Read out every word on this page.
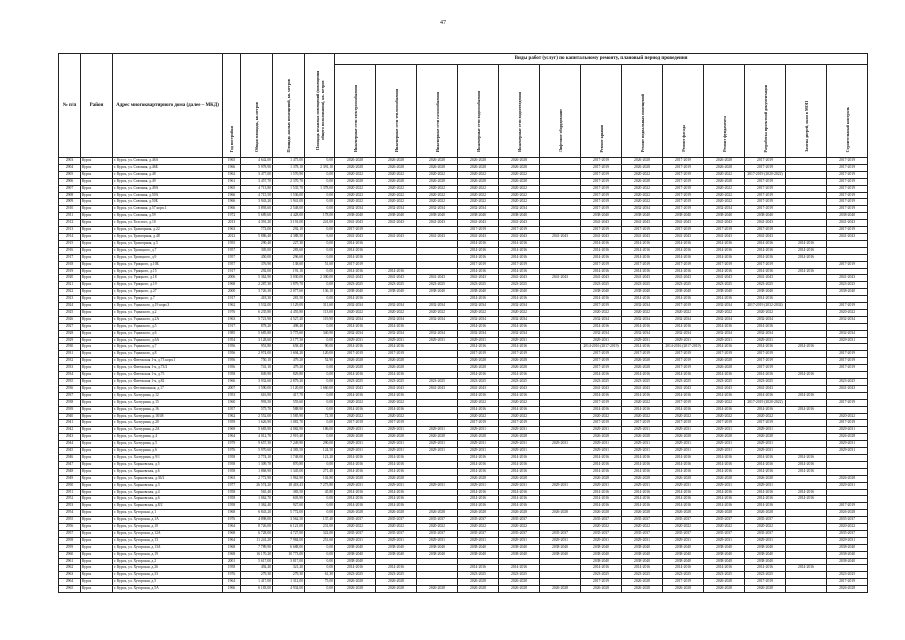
47
№ п/п	Район	Адрес многоквартирного дома (далее – МКД)	Год постройки	Общая площадь, кв.метров	Площадь жилых помещений, кв. метров	Площадь нежилых помещений (помещения общего пользования), кв. метров	Виды работ (услуг) по капитальному ремонту, плановый период проведения												
							Инженерные сети электроснабжения	Инженерные сети теплоснабжения	Инженерные сети газоснабжения	Инженерные сети водоснабжения	Инженерные сети водоотведения	Лифтовое оборудование	Ремонт крыши	Ремонт подвальных помещений	Ремонт фасада	Ремонт фундамента	Разработка проектной документации	Замена дверей, окон в МОП	Строительный контроль
2903	Курск	г. Курск, ул. Союзная, д.46А	1965	4 642,00	1 475,00	0,00	2026-2028	2026-2028	2026-2028	2026-2028	2026-2028		2017-2019	2026-2028	2017-2019	2026-2028	2017-2019		2017-2019
2904	Курск	г. Курск, ул. Союзная, д.46Б	1966	5 978,90	1 378,10	2 391,10	2026-2028	2026-2028	2026-2028	2026-2028	2026-2028		2017-2019	2026-2028	2017-2019	2026-2028	2017-2019		2017-2019
2905	Курск	г. Курск, ул. Союзная, д.48	1962	3 477,00	1 570,90	0,00	2020-2022	2020-2022	2020-2022	2020-2022	2020-2022		2017-2019	2020-2022	2017-2019	2020-2022	2017-2019 (2020-2022)		2017-2019
2906	Курск	г. Курск, ул. Союзная, д.49	1961	3 457,70	2 370,70	0,00	2026-2028	2026-2028	2026-2028	2026-2028	2026-2028		2017-2019	2026-2028	2017-2019	2026-2028	2017-2019		2017-2019
2907	Курск	г. Курск, ул. Союзная, д.49А	1965	4 713,80	1 535,70	1 378,00	2020-2022	2020-2022	2020-2022	2020-2022	2020-2022		2017-2019	2020-2022	2017-2019	2020-2022	2017-2019		2017-2019
2908	Курск	г. Курск, ул. Союзная, д.50А	1966	4 715,50	1 536,00	0,00	2020-2022	2020-2022	2020-2022	2020-2022	2020-2022		2017-2019	2020-2022	2017-2019	2020-2022	2017-2019		2017-2019
2909	Курск	г. Курск, ул. Союзная, д.50Б	1966	3 943,20	1 941,00	0,00	2020-2022	2020-2022	2020-2022	2020-2022	2020-2022		2017-2019	2020-2022	2017-2019	2020-2022	2017-2019		2017-2019
2910	Курск	г. Курск, ул. Союзная, д.57 корп.1	1966	3 893,60	2 548,00	0,00	2032-2034	2032-2034	2032-2034	2032-2034	2032-2034		2017-2019	2032-2034	2017-2019	2032-2034	2017-2019		2017-2019
2911	Курск	г. Курск, ул. Союзная, д.59	1972	5 689,60	4 428,00	178,00	2038-2040	2038-2040	2038-2040	2038-2040	2038-2040		2038-2040	2038-2040	2038-2040	2038-2040	2038-2040		2038-2040
2912	Курск	г. Курск, ул. Толстого, д.10	2013	4 391,20	3 191,00	241,00	2041-2043	2041-2043	2041-2043	2041-2043	2041-2043		2041-2043	2041-2043	2041-2043	2041-2043	2041-2043		2041-2043
2913	Курск	г. Курск, ул. Тракторная, д.22	1963	772,00	292,10	0,00	2017-2019			2017-2019	2017-2019		2017-2019	2017-2019	2017-2019	2017-2019	2017-2019		2017-2019
2914	Курск	г. Курск, ул. Тракторная, д.48	2012	5 886,40	4 388,50	6,60	2041-2043	2041-2043	2041-2043	2041-2043	2041-2043	2041-2043	2041-2043	2041-2043	2041-2043	2041-2043	2041-2043		2041-2043
2915	Курск	г. Курск, ул. Тракторная, д.5	1955	290,40	227,30	0,00	2014-2016			2014-2016	2014-2016		2014-2016	2014-2016	2014-2016	2014-2016	2014-2016	2014-2016	
2916	Курск	г. Курск, ул. Троицкого, д.7	1957	305,00	283,60	0,00	2014-2016			2014-2016	2014-2016		2014-2016	2014-2016	2014-2016	2014-2016	2014-2016	2014-2016	
2917	Курск	г. Курск, ул. Троицкого, д.9	1957	450,00	296,60	0,00	2014-2016			2014-2016	2014-2016		2014-2016	2014-2016	2014-2016	2014-2016	2014-2016	2014-2016	
2918	Курск	г. Курск, ул. Урицкого, д.10Б	1957	376,90	138,60	51,60	2017-2019			2017-2019	2017-2019		2017-2019	2017-2019	2017-2019	2017-2019	2017-2019		2017-2019
2919	Курск	г. Курск, ул. Урицкого, д.15	1917	292,00	191,10	0,00	2014-2016	2014-2016		2014-2016	2014-2016		2014-2016	2014-2016	2014-2016	2014-2016	2014-2016	2014-2016	
2920	Курск	г. Курск, ул. Урицкого, д.18	2006	5 362,90	3 030,00	2 300,00	2041-2043	2041-2043	2041-2043	2041-2043	2041-2043	2041-2043	2041-2043	2041-2043	2041-2043	2041-2043	2041-2043		2041-2043
2921	Курск	г. Курск, ул. Урицкого, д.19	1968	2 287,30	1 879,70	0,00	2023-2025	2023-2025	2023-2025	2023-2025	2023-2025		2023-2025	2023-2025	2023-2025	2023-2025	2023-2025		2023-2025
2922	Курск	г. Курск, ул. Урицкого, д.27	2000	3 726,30	2 077,60	136,10	2038-2040	2038-2040	2038-2040	2038-2040	2038-2040		2038-2040	2038-2040	2038-2040	2038-2040	2038-2040		2038-2040
2923	Курск	г. Курск, ул. Урицкого, д.7	1917	418,30	281,50	0,00	2014-2016			2014-2016	2014-2016		2014-2016	2014-2016	2014-2016	2014-2016	2014-2016		
2924	Курск	г. Курск, ул. Уцинского, д.19 корп.3	1962	1 532,00	1 129,00	311,60	2032-2034	2032-2034	2032-2034	2032-2034	2032-2034		2017-2019	2032-2034	2017-2019	2032-2034	2017-2019 (2032-2034)		2017-2019
2925	Курск	г. Курск, ул. Уцинского, д.2	1976	6 235,80	4 455,80	113,00	2020-2022	2020-2022	2020-2022	2020-2022	2020-2022		2020-2022	2020-2022	2020-2022	2020-2022	2020-2022		2020-2022
2926	Курск	г. Курск, ул. Уцинского, д.2А	1963	5 721,90	4 527,40	119,90	2032-2034	2032-2034	2032-2034	2032-2034	2032-2034		2032-2034	2032-2034	2032-2034	2032-2034	2032-2034		2032-2034
2927	Курск	г. Курск, ул. Уцинского, д.5	1917	878,20	498,40	0,00	2014-2016	2014-2016		2014-2016	2014-2016		2014-2016	2014-2016	2014-2016	2014-2016	2014-2016		
2928	Курск	г. Курск, ул. Уцинского, д.6	1985	5 685,80	3 775,60	340,90	2032-2034	2032-2034	2032-2034	2032-2034	2032-2034		2032-2034	2032-2034	2032-2034	2032-2034	2032-2034		2032-2034
2929	Курск	г. Курск, ул. Уцинского, д.6А	1954	3 128,60	2 177,30	0,00	2029-2031	2029-2031	2029-2031	2029-2031	2029-2031		2029-2031	2029-2031	2029-2031	2029-2031	2029-2031		2029-2031
2930	Курск	г. Курск, ул. Уцинского, д.7	1956	953,80	658,40	90,00	2014-2016	2014-2016		2014-2016	2014-2016		2014-2016 (2017-2019)	2014-2016	2014-2016 (2017-2019)	2014-2016	2014-2016	2014-2016	
2931	Курск	г. Курск, ул. Уцинского, д.8	1956	2 974,00	1 694,20	120,00	2017-2019	2017-2019		2017-2019	2017-2019		2017-2019	2017-2019	2017-2019	2017-2019	2017-2019		2017-2019
2932	Курск	г. Курск, ул. Фатежская 1-я, д.73 корп.1	1956	750,10	479,20	52,90	2026-2028	2026-2028		2026-2028	2026-2028		2017-2019	2026-2028	2017-2019	2026-2028	2017-2019		2017-2019
2933	Курск	г. Курск, ул. Фатежская 1-я, д.73/2	1956	741,10	479,20	0,00	2026-2028	2026-2028		2026-2028	2026-2028		2017-2019	2026-2028	2017-2019	2026-2028	2017-2019		2017-2019
2934	Курск	г. Курск, ул. Фатежская 1-я, д.75	1958	849,90	829,80	0,00	2014-2016	2014-2016		2014-2016	2014-2016		2014-2016	2014-2016	2014-2016	2014-2016	2014-2016	2014-2016	
2935	Курск	г. Курск, ул. Фатежская 1-я, д.82	1966	3 932,60	2 879,20	0,00	2023-2025	2023-2025	2023-2025	2023-2025	2023-2025		2023-2025	2023-2025	2023-2025	2023-2025	2023-2025		2023-2025
2936	Курск	г. Курск, ул. Фестивальная, д.17	2007	1 590,00	1 120,00	1 660,00	2041-2043	2041-2043	2041-2043	2041-2043	2041-2043		2041-2043	2041-2043	2041-2043	2041-2043	2041-2043		2041-2043
2937	Курск	г. Курск, ул. Халтурина, д.12	1953	616,90	417,70	0,00	2014-2016	2014-2016		2014-2016	2014-2016		2014-2016	2014-2016	2014-2016	2014-2016	2014-2016	2014-2016	
2938	Курск	г. Курск, ул. Халтурина, д.15	1960	993,50	555,60	0,00	2020-2022	2020-2022		2020-2022	2020-2022		2017-2019	2020-2022	2017-2019	2020-2022	2017-2019 (2020-2022)		2017-2019
2939	Курск	г. Курск, ул. Халтурина, д.16	1957	575,70	588,90	0,00	2014-2016	2014-2016		2014-2016	2014-2016		2014-2016	2014-2016	2014-2016	2014-2016	2014-2016	2014-2016	
2940	Курск	г. Курск, ул. Халтурина, д.18/48	1962	2 552,00	1 585,90	72,50	2020-2022	2020-2022		2020-2022	2020-2022		2020-2022	2020-2022	2020-2022	2020-2022	2020-2022		2020-2022
2941	Курск	г. Курск, ул. Халтурина, д.20	1959	1 626,90	1 081,70	0,00	2017-2019	2017-2019		2017-2019	2017-2019		2017-2019	2017-2019	2017-2019	2017-2019	2017-2019		2017-2019
2942	Курск	г. Курск, ул. Халтурина, д.2А	1969	5 683,90	4 082,90	186,00	2029-2031	2029-2031	2029-2031	2029-2031	2029-2031		2029-2031	2029-2031	2029-2031	2029-2031	2029-2031		2029-2031
2943	Курск	г. Курск, ул. Халтурина, д.4	1964	4 012,70	2 919,40	0,00	2026-2028	2026-2028	2026-2028	2026-2028	2026-2028		2026-2028	2026-2028	2026-2028	2026-2028	2026-2028		2026-2028
2944	Курск	г. Курск, ул. Халтурина, д.5	1979	9 657,30	7 249,90	290,00	2029-2031	2029-2031	2029-2031	2029-2031	2029-2031	2029-2031	2029-2031	2029-2031	2029-2031	2029-2031	2029-2031		2029-2031
2945	Курск	г. Курск, ул. Халтурина, д.6	1976	5 970,60	4 383,50	124,50	2029-2031	2029-2031	2029-2031	2029-2031	2029-2031		2029-2031	2029-2031	2029-2031	2029-2031	2029-2031		2029-2031
2946	Курск	г. Курск, ул. Халтурина, д.9/1	1958	2 774,10	1 748,00	121,20	2014-2016	2014-2016		2014-2016	2014-2016		2014-2016	2014-2016	2014-2016	2014-2016	2014-2016	2014-2016	
2947	Курск	г. Курск, ул. Харьковская, д.5	1958	1 309,70	870,80	0,00	2014-2016	2014-2016		2014-2016	2014-2016		2014-2016	2014-2016	2014-2016	2014-2016	2014-2016	2014-2016	
2948	Курск	г. Курск, ул. Харьковская, д.6	1958	1 868,90	1 345,00	271,40	2014-2016	2014-2016		2014-2016	2014-2016		2014-2016	2014-2016	2014-2016	2014-2016	2014-2016	2014-2016	
2949	Курск	г. Курск, ул. Харьковская, д.36/2	1963	2 772,90	1 962,90	102,80	2026-2028	2026-2028		2026-2028	2026-2028		2026-2028	2026-2028	2026-2028	2026-2028	2026-2028		2026-2028
2950	Курск	г. Курск, ул. Харьковская, д.3	1977	26 574,20	18 418,43	7 275,80	2029-2031	2029-2031	2029-2031	2029-2031	2029-2031	2029-2031	2029-2031	2029-2031	2029-2031	2029-2031	2029-2031		2029-2031
2951	Курск	г. Курск, ул. Харьковская, д.4	1958	565,40	383,50	45,80	2014-2016	2014-2016		2014-2016	2014-2016		2014-2016	2014-2016	2014-2016	2014-2016	2014-2016	2014-2016	
2952	Курск	г. Курск, ул. Харьковская, д.6	1958	1 062,70	603,90	0,00	2014-2016	2014-2016		2014-2016	2014-2016		2014-2016	2014-2016	2014-2016	2014-2016	2014-2016	2014-2016	
2953	Курск	г. Курск, ул. Харьковская, д.8/2	1958	1 362,40	927,60	0,00	2014-2016	2014-2016		2014-2016	2014-2016		2014-2016	2014-2016	2014-2016	2014-2016	2014-2016		2017-2019
2954	Курск	г. Курск, ул. Хуторская, д.1	1968	6 843,20	5 772,00	0,00	2026-2028	2026-2028	2026-2028	2026-2028	2026-2028	2026-2028	2026-2028	2026-2028	2026-2028	2026-2028	2026-2028		2026-2028
2955	Курск	г. Курск, ул. Хуторская, д.1А	1976	4 898,00	3 562,50	137,40	2035-2037	2035-2037	2035-2037	2035-2037	2035-2037		2035-2037	2035-2037	2035-2037	2035-2037	2035-2037		2035-2037
2956	Курск	г. Курск, ул. Хуторская, д.10	1964	8 726,00	6 121,00	231,00	2020-2022	2020-2022	2020-2022	2020-2022	2020-2022		2020-2022	2020-2022	2020-2022	2020-2022	2020-2022		2020-2022
2957	Курск	г. Курск, ул. Хуторская, д.12А	1968	6 728,00	4 727,00	322,00	2035-2037	2035-2037	2035-2037	2035-2037	2035-2037	2035-2037	2035-2037	2035-2037	2035-2037	2035-2037	2035-2037		2035-2037
2958	Курск	г. Курск, ул. Хуторская, д.13	1964	11 241,20	7 984,00	251,60	2029-2031	2029-2031	2029-2031	2029-2031	2029-2031	2029-2031	2029-2031	2029-2031	2029-2031	2029-2031	2029-2031		2029-2031
2959	Курск	г. Курск, ул. Хуторская, д.13А	1968	7 789,90	6 688,00	0,00	2038-2040	2038-2040	2038-2040	2038-2040	2038-2040	2038-2040	2038-2040	2038-2040	2038-2040	2038-2040	2038-2040		2038-2040
2960	Курск	г. Курск, ул. Хуторская, д.19	1968	16 170,20	10 773,00	0,00	2038-2040	2038-2040	2038-2040	2038-2040	2038-2040	2038-2040	2038-2040	2038-2040	2038-2040	2038-2040	2038-2040		2038-2040
2961	Курск	г. Курск, ул. Хуторская, д.2	2001	5 617,00	3 817,00	0,00	2038-2040						2038-2040	2038-2040	2038-2040	2038-2040	2038-2040		2038-2040
2962	Курск	г. Курск, ул. Хуторская, д.26	1958	492,40	321,20	0,00	2014-2016	2014-2016		2014-2016	2014-2016		2014-2016	2014-2016	2014-2016	2014-2016	2014-2016	2014-2016	
2963	Курск	г. Курск, ул. Хуторская, д.33	1976	279,30	279,30	61,30	2023-2025	2023-2025		2023-2025	2023-2025		2023-2025	2023-2025	2023-2025	2023-2025	2023-2025		2023-2025
2964	Курск	г. Курск, ул. Хуторская, д.5	1964	1 417,00	1 312,00	75,00	2026-2028	2026-2028		2026-2028	2026-2028		2017-2019	2026-2028	2017-2019	2026-2028	2017-2019		2017-2019
2965	Курск	г. Курск, ул. Хуторская, д.5А	1966	6 183,00	4 934,00	0,00	2026-2028	2026-2028	2026-2028	2026-2028	2026-2028	2026-2028	2026-2028	2026-2028	2026-2028	2026-2028	2026-2028		2026-2028
